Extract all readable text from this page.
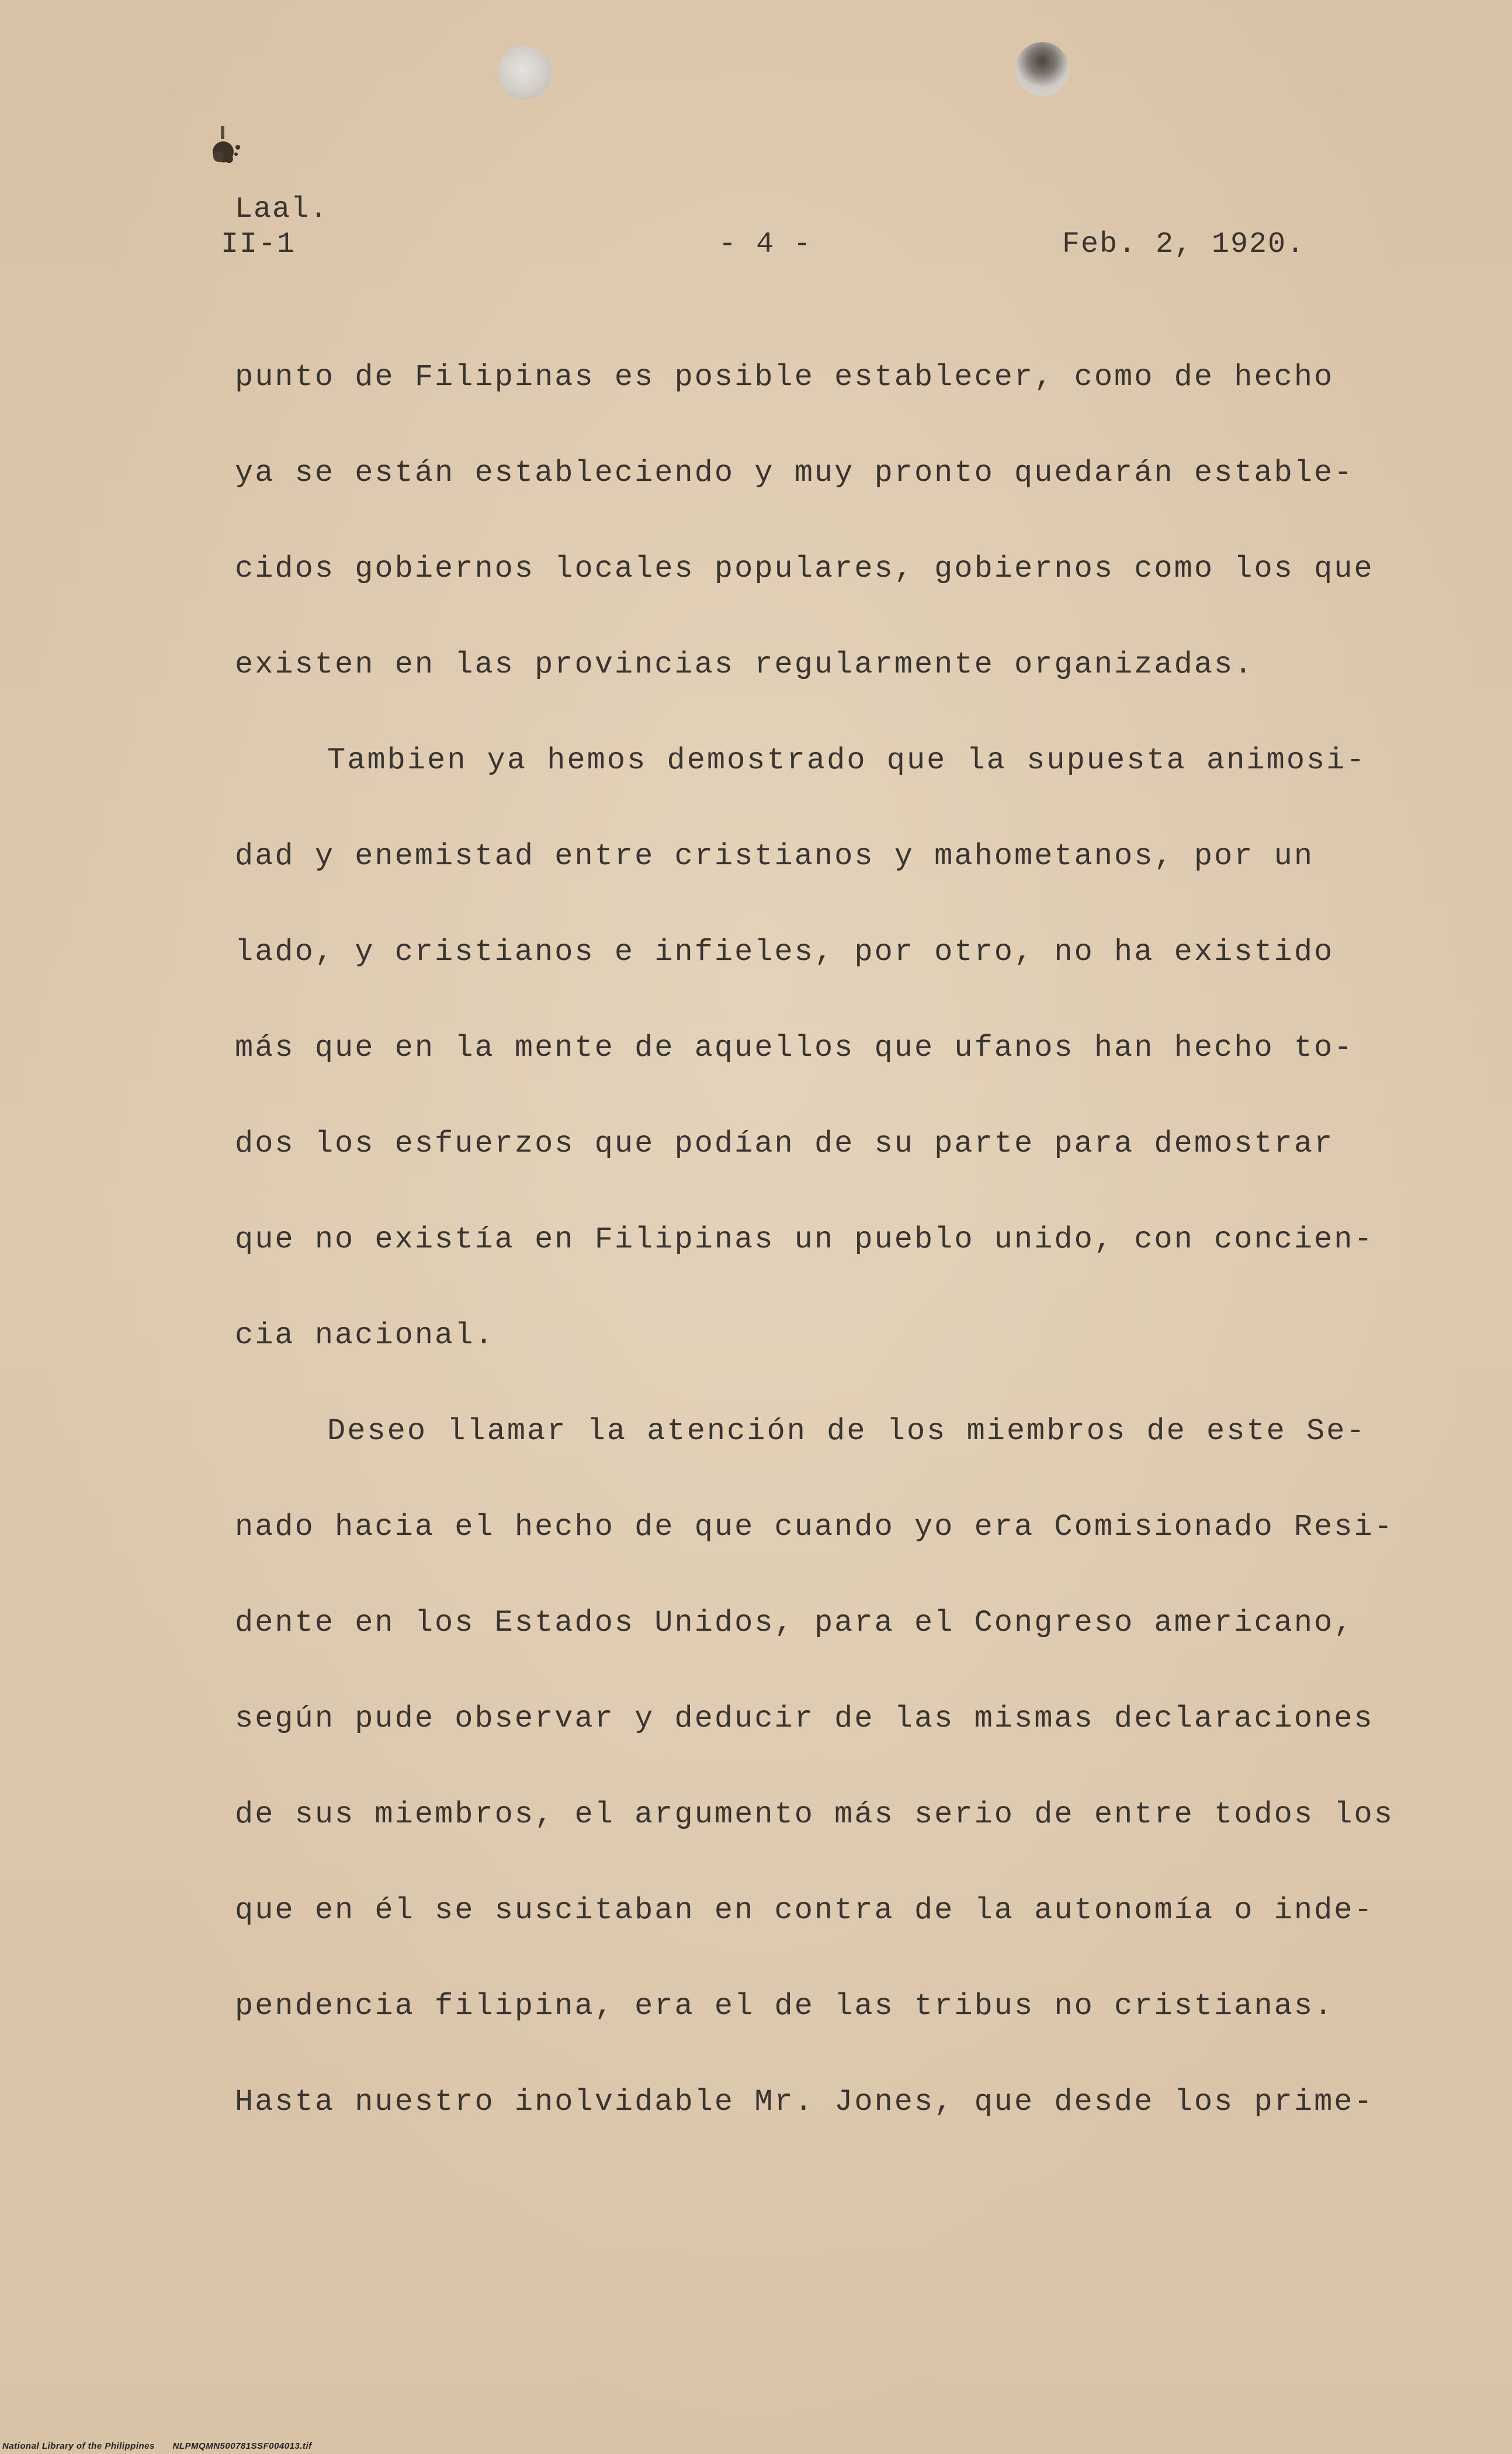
Laal.
II-1	- 4 -	Feb. 2, 1920.
punto de Filipinas es posible establecer, como de hecho
ya se están estableciendo y muy pronto quedarán estable-
cidos gobiernos locales populares, gobiernos como los que
existen en las provincias regularmente organizadas.
Tambien ya hemos demostrado que la supuesta animosi-
dad y enemistad entre cristianos y mahometanos, por un
lado, y cristianos e infieles, por otro, no ha existido
más que en la mente de aquellos que ufanos han hecho to-
dos los esfuerzos que podían de su parte para demostrar
que no existía en Filipinas un pueblo unido, con concien-
cia nacional.
Deseo llamar la atención de los miembros de este Se-
nado hacia el hecho de que cuando yo era Comisionado Resi-
dente en los Estados Unidos, para el Congreso americano,
según pude observar y deducir de las mismas declaraciones
de sus miembros, el argumento más serio de entre todos los
que en él se suscitaban en contra de la autonomía o inde-
pendencia filipina, era el de las tribus no cristianas.
Hasta nuestro inolvidable Mr. Jones, que desde los prime-
National Library of the Philippines NLPMQMN500781SSF004013.tif
